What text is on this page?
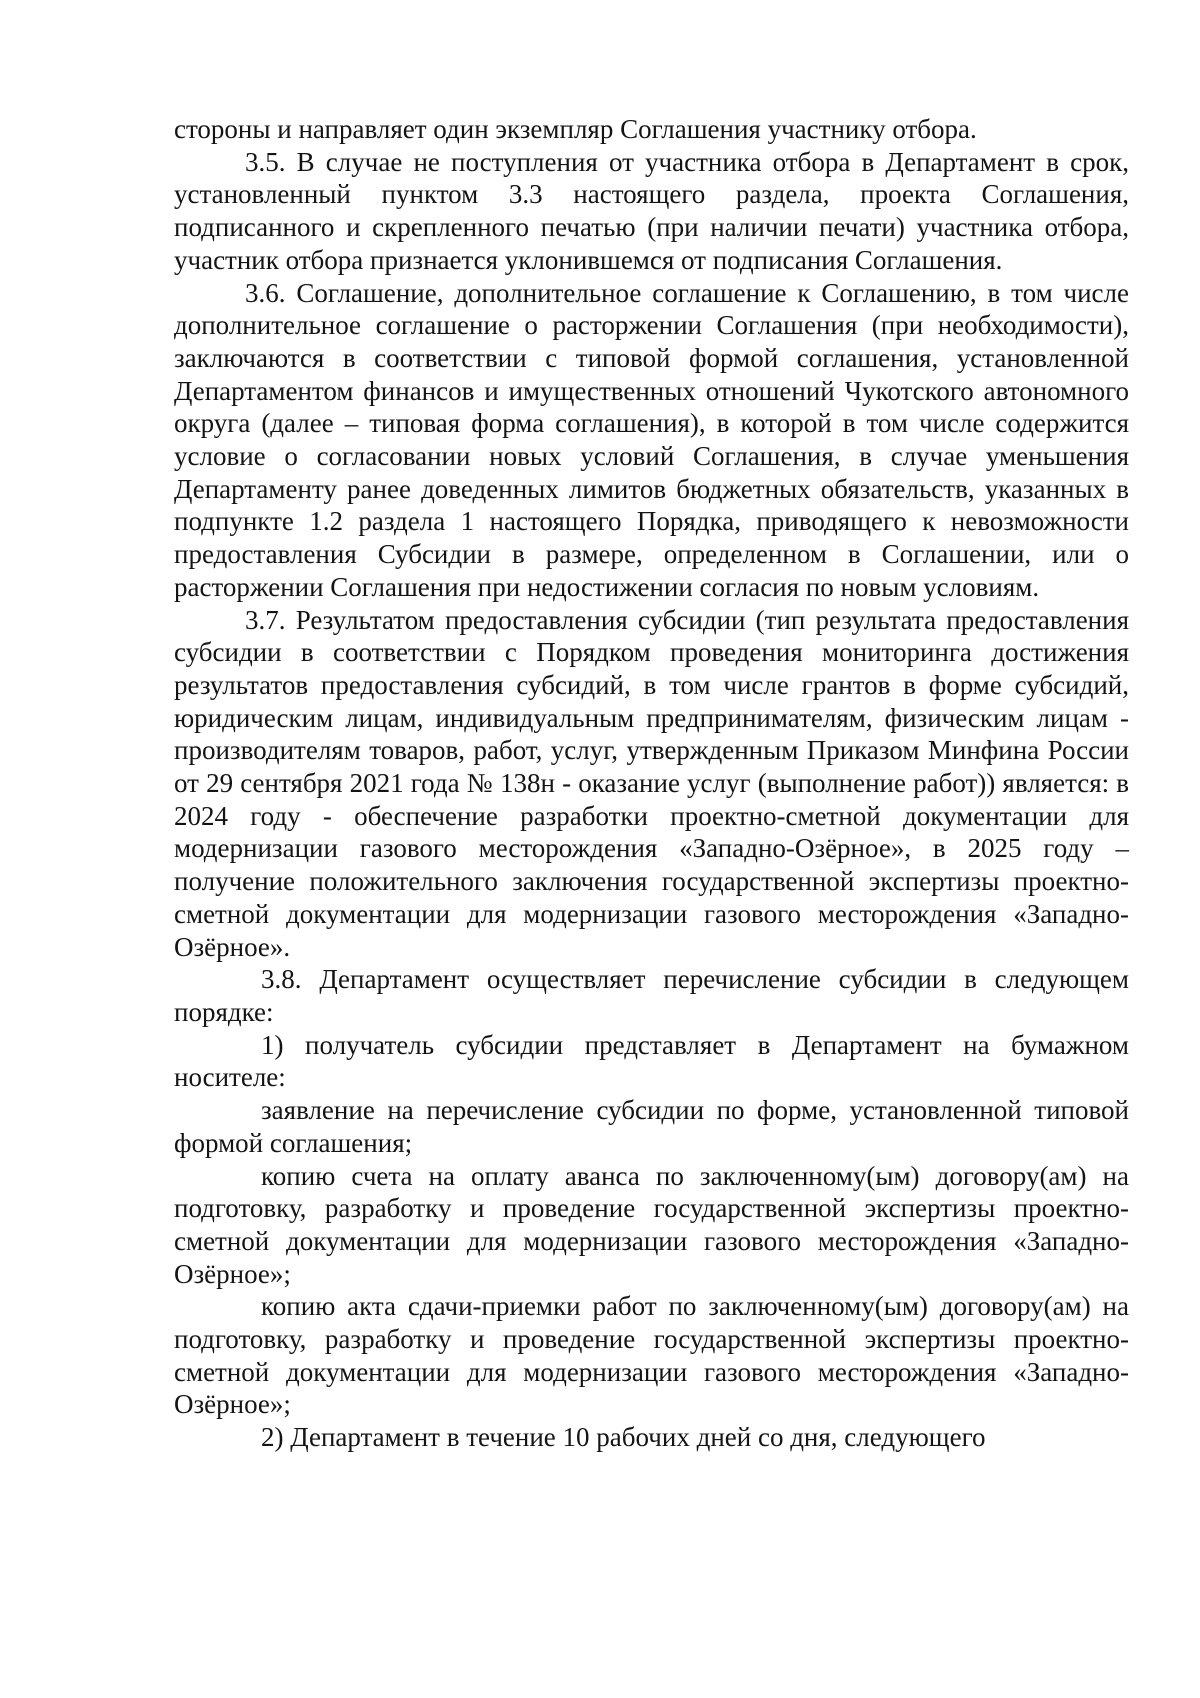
стороны и направляет один экземпляр Соглашения участнику отбора.

3.5. В случае не поступления от участника отбора в Департамент в срок, установленный пунктом 3.3 настоящего раздела, проекта Соглашения, подписанного и скрепленного печатью (при наличии печати) участника отбора, участник отбора признается уклонившемся от подписания Соглашения.

3.6. Соглашение, дополнительное соглашение к Соглашению, в том числе дополнительное соглашение о расторжении Соглашения (при необходимости), заключаются в соответствии с типовой формой соглашения, установленной Департаментом финансов и имущественных отношений Чукотского автономного округа (далее – типовая форма соглашения), в которой в том числе содержится условие о согласовании новых условий Соглашения, в случае уменьшения Департаменту ранее доведенных лимитов бюджетных обязательств, указанных в подпункте 1.2 раздела 1 настоящего Порядка, приводящего к невозможности предоставления Субсидии в размере, определенном в Соглашении, или о расторжении Соглашения при недостижении согласия по новым условиям.

3.7. Результатом предоставления субсидии (тип результата предоставления субсидии в соответствии с Порядком проведения мониторинга достижения результатов предоставления субсидий, в том числе грантов в форме субсидий, юридическим лицам, индивидуальным предпринимателям, физическим лицам - производителям товаров, работ, услуг, утвержденным Приказом Минфина России от 29 сентября 2021 года № 138н - оказание услуг (выполнение работ)) является: в 2024 году - обеспечение разработки проектно-сметной документации для модернизации газового месторождения «Западно-Озёрное», в 2025 году – получение положительного заключения государственной экспертизы проектно-сметной документации для модернизации газового месторождения «Западно-Озёрное».

3.8. Департамент осуществляет перечисление субсидии в следующем порядке:

1) получатель субсидии представляет в Департамент на бумажном носителе:

заявление на перечисление субсидии по форме, установленной типовой формой соглашения;

копию счета на оплату аванса по заключенному(ым) договору(ам) на подготовку, разработку и проведение государственной экспертизы проектно-сметной документации для модернизации газового месторождения «Западно-Озёрное»;

копию акта сдачи-приемки работ по заключенному(ым) договору(ам) на подготовку, разработку и проведение государственной экспертизы проектно-сметной документации для модернизации газового месторождения «Западно-Озёрное»;

2) Департамент в течение 10 рабочих дней со дня, следующего
